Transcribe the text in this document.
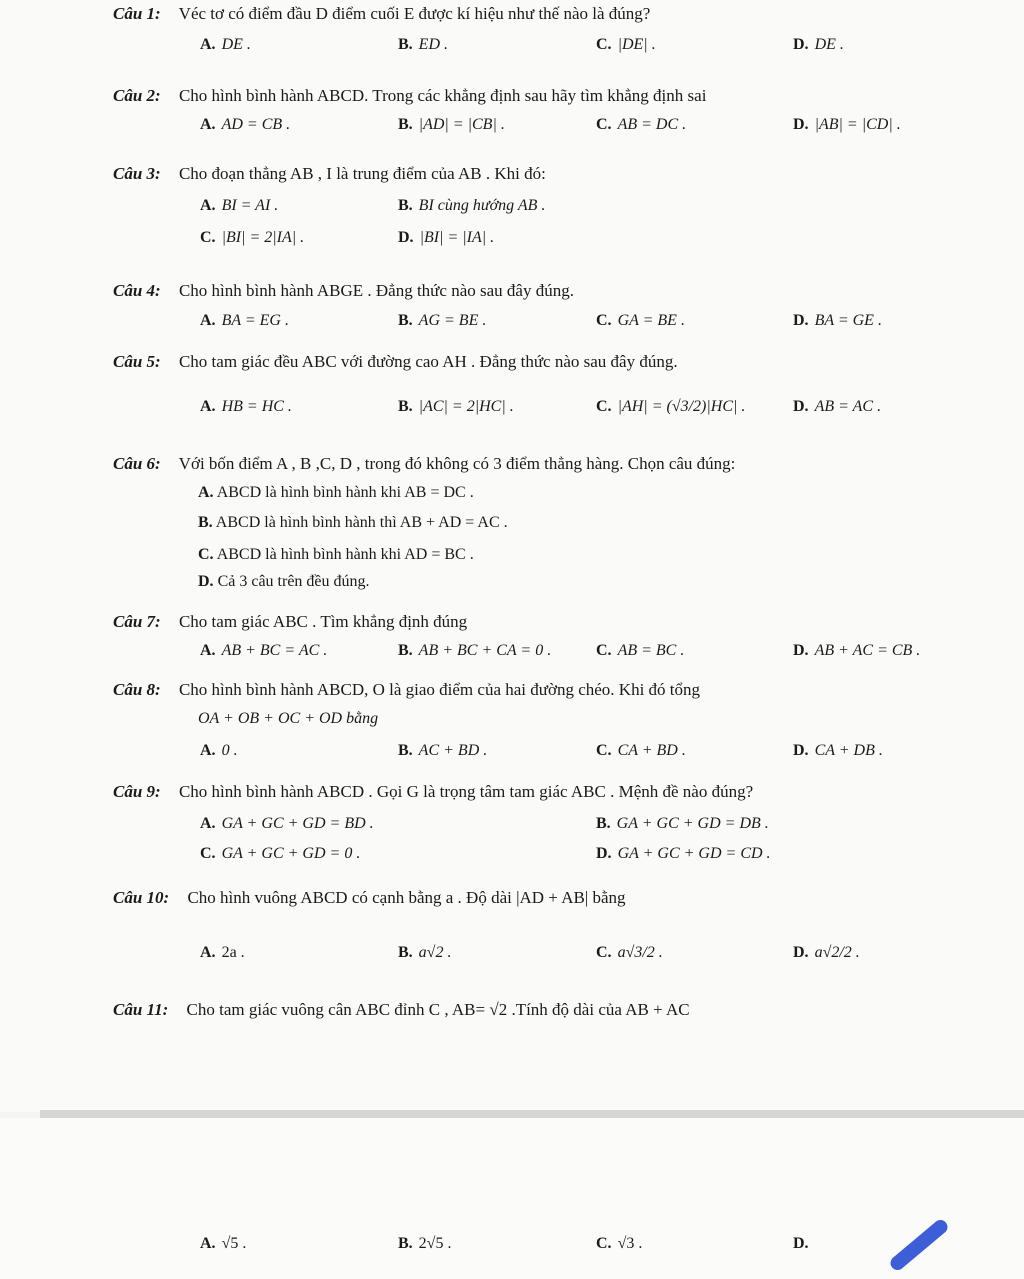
Câu 1: Véc tơ có điểm đầu D điểm cuối E được kí hiệu như thế nào là đúng?
A. DE .	B. ED .	C. |DE| .	D. DE .
Câu 2: Cho hình bình hành ABCD. Trong các khẳng định sau hãy tìm khẳng định sai
A. AD = CB .	B. |AD| = |CB| .	C. AB = DC .	D. |AB| = |CD| .
Câu 3: Cho đoạn thẳng AB , I là trung điểm của AB . Khi đó:
A. BI = AI .	B. BI cùng hướng AB .
C. |BI| = 2|IA| .	D. |BI| = |IA| .
Câu 4: Cho hình bình hành ABGE . Đẳng thức nào sau đây đúng.
A. BA = EG .	B. AG = BE .	C. GA = BE .	D. BA = GE .
Câu 5: Cho tam giác đều ABC với đường cao AH . Đẳng thức nào sau đây đúng.
A. HB = HC .	B. |AC| = 2|HC| .	C. |AH| = (√3/2)|HC| .	D. AB = AC .
Câu 6: Với bốn điểm A , B ,C, D , trong đó không có 3 điểm thẳng hàng. Chọn câu đúng:
A. ABCD là hình bình hành khi AB = DC .
B. ABCD là hình bình hành thì AB + AD = AC .
C. ABCD là hình bình hành khi AD = BC .
D. Cả 3 câu trên đều đúng.
Câu 7: Cho tam giác ABC . Tìm khẳng định đúng
A. AB + BC = AC .	B. AB + BC + CA = 0 .	C. AB = BC .	D. AB + AC = CB .
Câu 8: Cho hình bình hành ABCD, O là giao điểm của hai đường chéo. Khi đó tổng
OA + OB + OC + OD bằng
A. 0 .	B. AC + BD .	C. CA + BD .	D. CA + DB .
Câu 9: Cho hình bình hành ABCD . Gọi G là trọng tâm tam giác ABC . Mệnh đề nào đúng?
A. GA + GC + GD = BD .	B. GA + GC + GD = DB .
C. GA + GC + GD = 0 .	D. GA + GC + GD = CD .
Câu 10: Cho hình vuông ABCD có cạnh bằng a . Độ dài |AD + AB| bằng
A. 2a .	B. a√2 .	C. a√3/2 .	D. a√2/2 .
Câu 11: Cho tam giác vuông cân ABC đỉnh C , AB= √2 .Tính độ dài của AB + AC
A. √5 .	B. 2√5 .	C. √3 .	D.
